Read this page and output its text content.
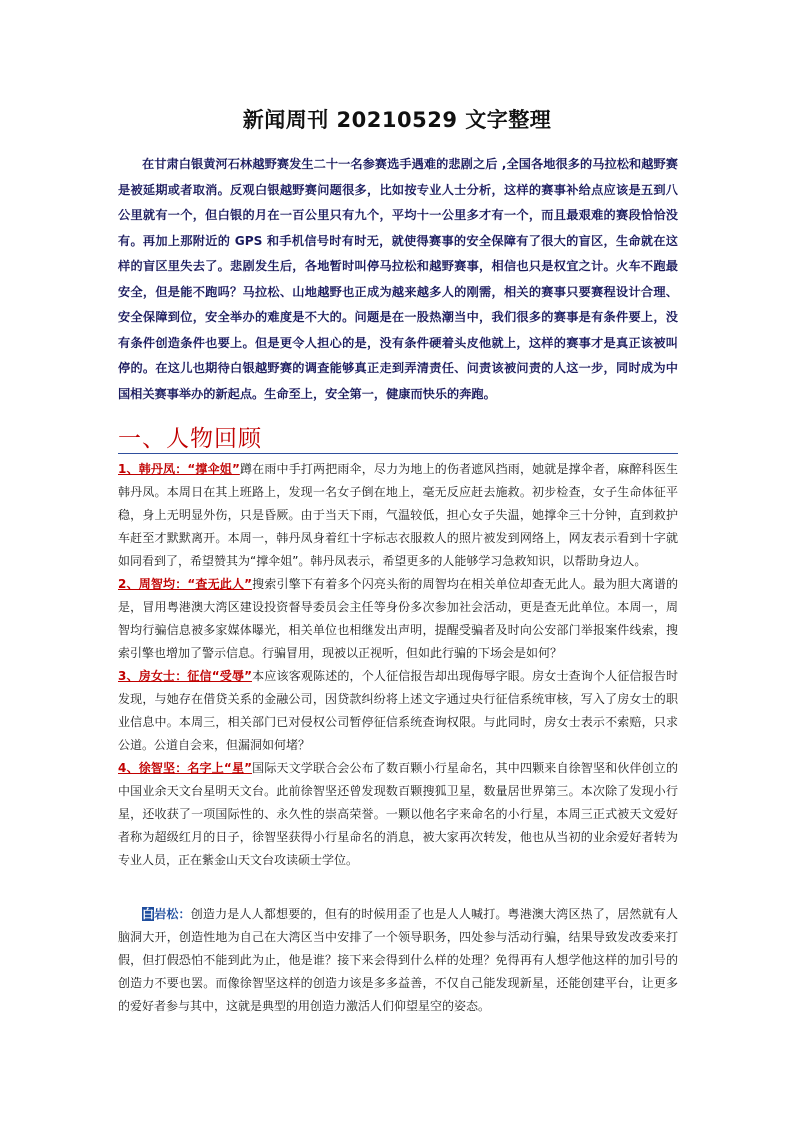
新闻周刊 20210529 文字整理

在甘肃白银黄河石林越野赛发生二十一名参赛选手遇难的悲剧之后 ,全国各地很多的马拉松和越野赛是被延期或者取消。反观白银越野赛问题很多，比如按专业人士分析，这样的赛事补给点应该是五到八公里就有一个，但白银的月在一百公里只有九个，平均十一公里多才有一个，而且最艰难的赛段恰恰没有。再加上那附近的 GPS 和手机信号时有时无，就使得赛事的安全保障有了很大的盲区，生命就在这样的盲区里失去了。悲剧发生后，各地暂时叫停马拉松和越野赛事，相信也只是权宜之计。火车不跑最安全，但是能不跑吗？马拉松、山地越野也正成为越来越多人的刚需，相关的赛事只要赛程设计合理、安全保障到位，安全举办的难度是不大的。问题是在一股热潮当中，我们很多的赛事是有条件要上，没有条件创造条件也要上。但是更令人担心的是，没有条件硬着头皮他就上，这样的赛事才是真正该被叫停的。在这儿也期待白银越野赛的调查能够真正走到弄清责任、问责该被问责的人这一步，同时成为中国相关赛事举办的新起点。生命至上，安全第一，健康而快乐的奔跑。

一、人物回顾

1、韩丹凤：“撑伞姐”蹲在雨中手打两把雨伞，尽力为地上的伤者遮风挡雨，她就是撑伞者，麻醉科医生韩丹凤。本周日在其上班路上，发现一名女子倒在地上，毫无反应赶去施救。初步检查，女子生命体征平稳，身上无明显外伤，只是昏厥。由于当天下雨，气温较低，担心女子失温，她撑伞三十分钟，直到救护车赶至才默默离开。本周一，韩丹凤身着红十字标志衣服救人的照片被发到网络上，网友表示看到十字就如同看到了，希望赞其为“撑伞姐”。韩丹凤表示，希望更多的人能够学习急救知识，以帮助身边人。

2、周智均：“查无此人”搜索引擎下有着多个闪亮头衔的周智均在相关单位却查无此人。最为胆大离谱的是，冒用粤港澳大湾区建设投资督导委员会主任等身份多次参加社会活动，更是查无此单位。本周一，周智均行骗信息被多家媒体曝光，相关单位也相继发出声明，提醒受骗者及时向公安部门举报案件线索，搜索引擎也增加了警示信息。行骗冒用，现被以正视听，但如此行骗的下场会是如何？

3、房女士：征信“受辱”本应该客观陈述的，个人征信报告却出现侮辱字眼。房女士查询个人征信报告时发现，与她存在借贷关系的金融公司，因贷款纠纷将上述文字通过央行征信系统审核，写入了房女士的职业信息中。本周三，相关部门已对侵权公司暂停征信系统查询权限。与此同时，房女士表示不索赔，只求公道。公道自会来，但漏洞如何堵？

4、徐智坚：名字上“星”国际天文学联合会公布了数百颗小行星命名，其中四颗来自徐智坚和伙伴创立的中国业余天文台星明天文台。此前徐智坚还曾发现数百颗搜狐卫星，数量居世界第三。本次除了发现小行星，还收获了一项国际性的、永久性的崇高荣誉。一颗以他名字来命名的小行星，本周三正式被天文爱好者称为超级红月的日子，徐智坚获得小行星命名的消息，被大家再次转发，他也从当初的业余爱好者转为专业人员，正在紫金山天文台攻读硕士学位。

白岩松：创造力是人人都想要的，但有的时候用歪了也是人人喊打。粤港澳大湾区热了，居然就有人脑洞大开，创造性地为自己在大湾区当中安排了一个领导职务，四处参与活动行骗，结果导致发改委来打假，但打假恐怕不能到此为止，他是谁？接下来会得到什么样的处理？免得再有人想学他这样的加引号的创造力不要也罢。而像徐智坚这样的创造力该是多多益善，不仅自己能发现新星，还能创建平台，让更多的爱好者参与其中，这就是典型的用创造力激活人们仰望星空的姿态。
